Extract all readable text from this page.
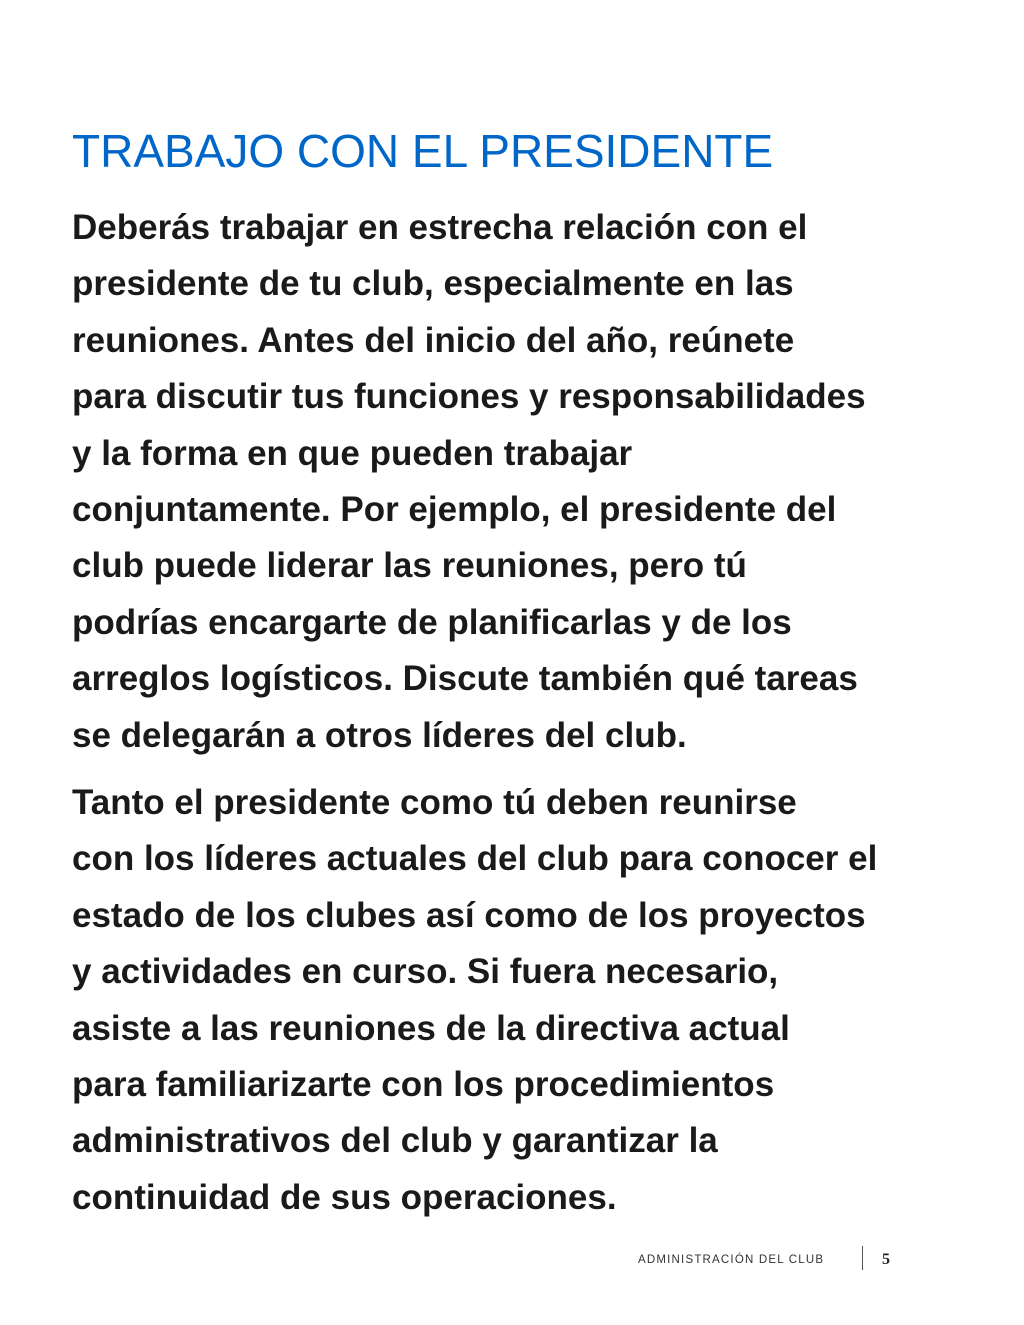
TRABAJO CON EL PRESIDENTE

Deberás trabajar en estrecha relación con el
presidente de tu club, especialmente en las
reuniones. Antes del inicio del año, reúnete
para discutir tus funciones y responsabilidades
y la forma en que pueden trabajar
conjuntamente. Por ejemplo, el presidente del
club puede liderar las reuniones, pero tú
podrías encargarte de planificarlas y de los
arreglos logísticos. Discute también qué tareas
se delegarán a otros líderes del club.

Tanto el presidente como tú deben reunirse
con los líderes actuales del club para conocer el
estado de los clubes así como de los proyectos
y actividades en curso. Si fuera necesario,
asiste a las reuniones de la directiva actual
para familiarizarte con los procedimientos
administrativos del club y garantizar la
continuidad de sus operaciones.

ADMINISTRACIÓN DEL CLUB	5
